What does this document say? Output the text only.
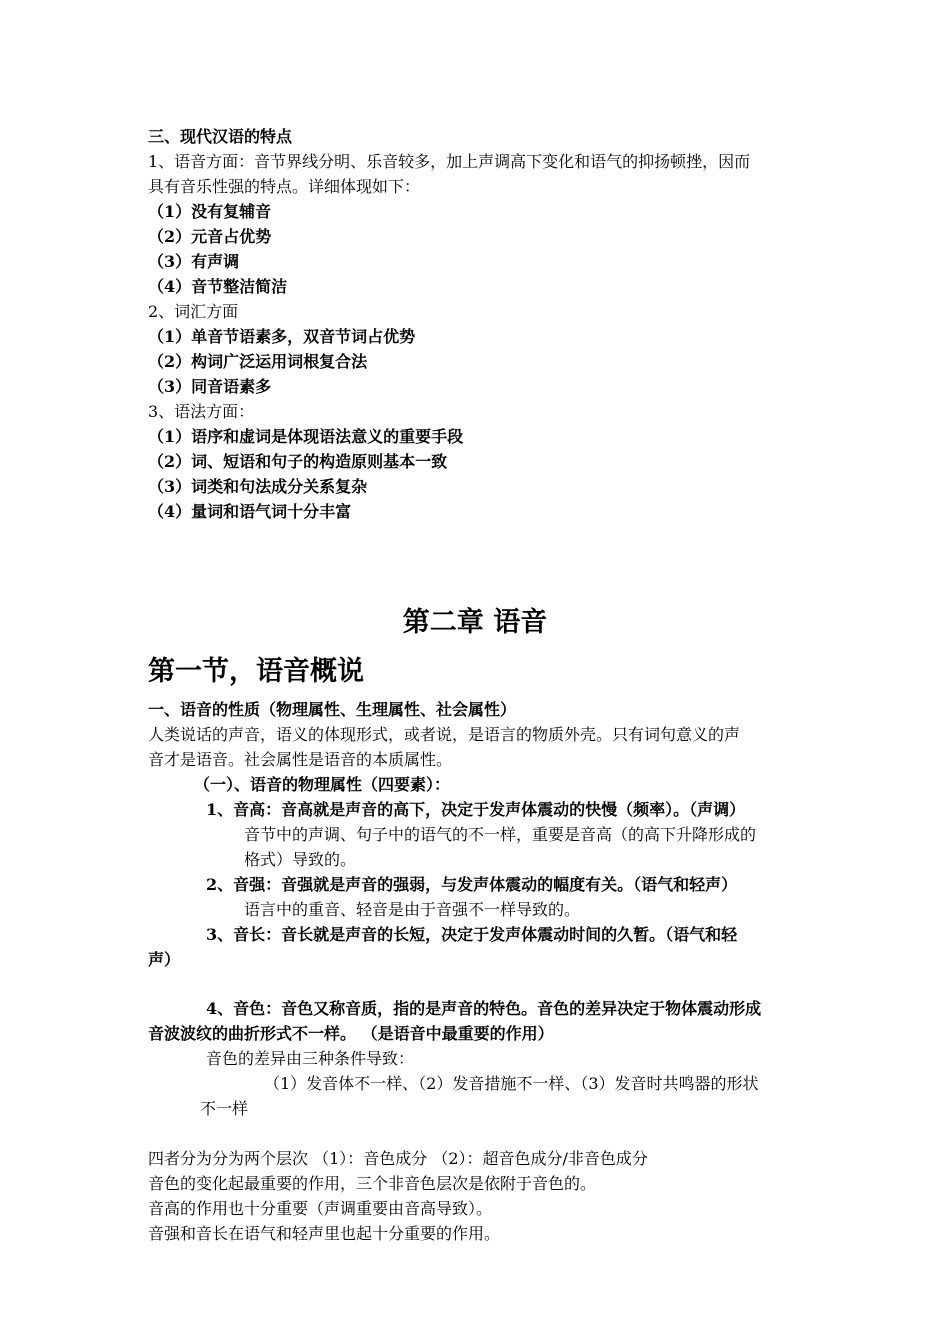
三、现代汉语的特点

1、语音方面：音节界线分明、乐音较多，加上声调高下变化和语气的抑扬顿挫，因而

具有音乐性强的特点。详细体现如下：

（1）没有复辅音

（2）元音占优势

（3）有声调

（4）音节整洁简洁

2、词汇方面

（1）单音节语素多，双音节词占优势

（2）构词广泛运用词根复合法

（3）同音语素多

3、语法方面：

（1）语序和虚词是体现语法意义的重要手段

（2）词、短语和句子的构造原则基本一致

（3）词类和句法成分关系复杂

（4）量词和语气词十分丰富

第二章 语音
第一节，语音概说

一、语音的性质（物理属性、生理属性、社会属性）

人类说话的声音，语义的体现形式，或者说，是语言的物质外壳。只有词句意义的声

音才是语音。社会属性是语音的本质属性。

（一）、语音的物理属性（四要素）：

1、音高：音高就是声音的高下，决定于发声体震动的快慢（频率）。（声调）

音节中的声调、句子中的语气的不一样，重要是音高（的高下升降形成的

格式）导致的。

2、音强：音强就是声音的强弱，与发声体震动的幅度有关。（语气和轻声）

语言中的重音、轻音是由于音强不一样导致的。

3、音长：音长就是声音的长短，决定于发声体震动时间的久暂。（语气和轻

声）

4、音色：音色又称音质，指的是声音的特色。音色的差异决定于物体震动形成

音波波纹的曲折形式不一样。 （是语音中最重要的作用）

音色的差异由三种条件导致：

（1）发音体不一样、（2）发音措施不一样、（3）发音时共鸣器的形状

不一样

四者分为分为两个层次 （1）：音色成分 （2）：超音色成分/非音色成分

音色的变化起最重要的作用，三个非音色层次是依附于音色的。

音高的作用也十分重要（声调重要由音高导致）。

音强和音长在语气和轻声里也起十分重要的作用。
